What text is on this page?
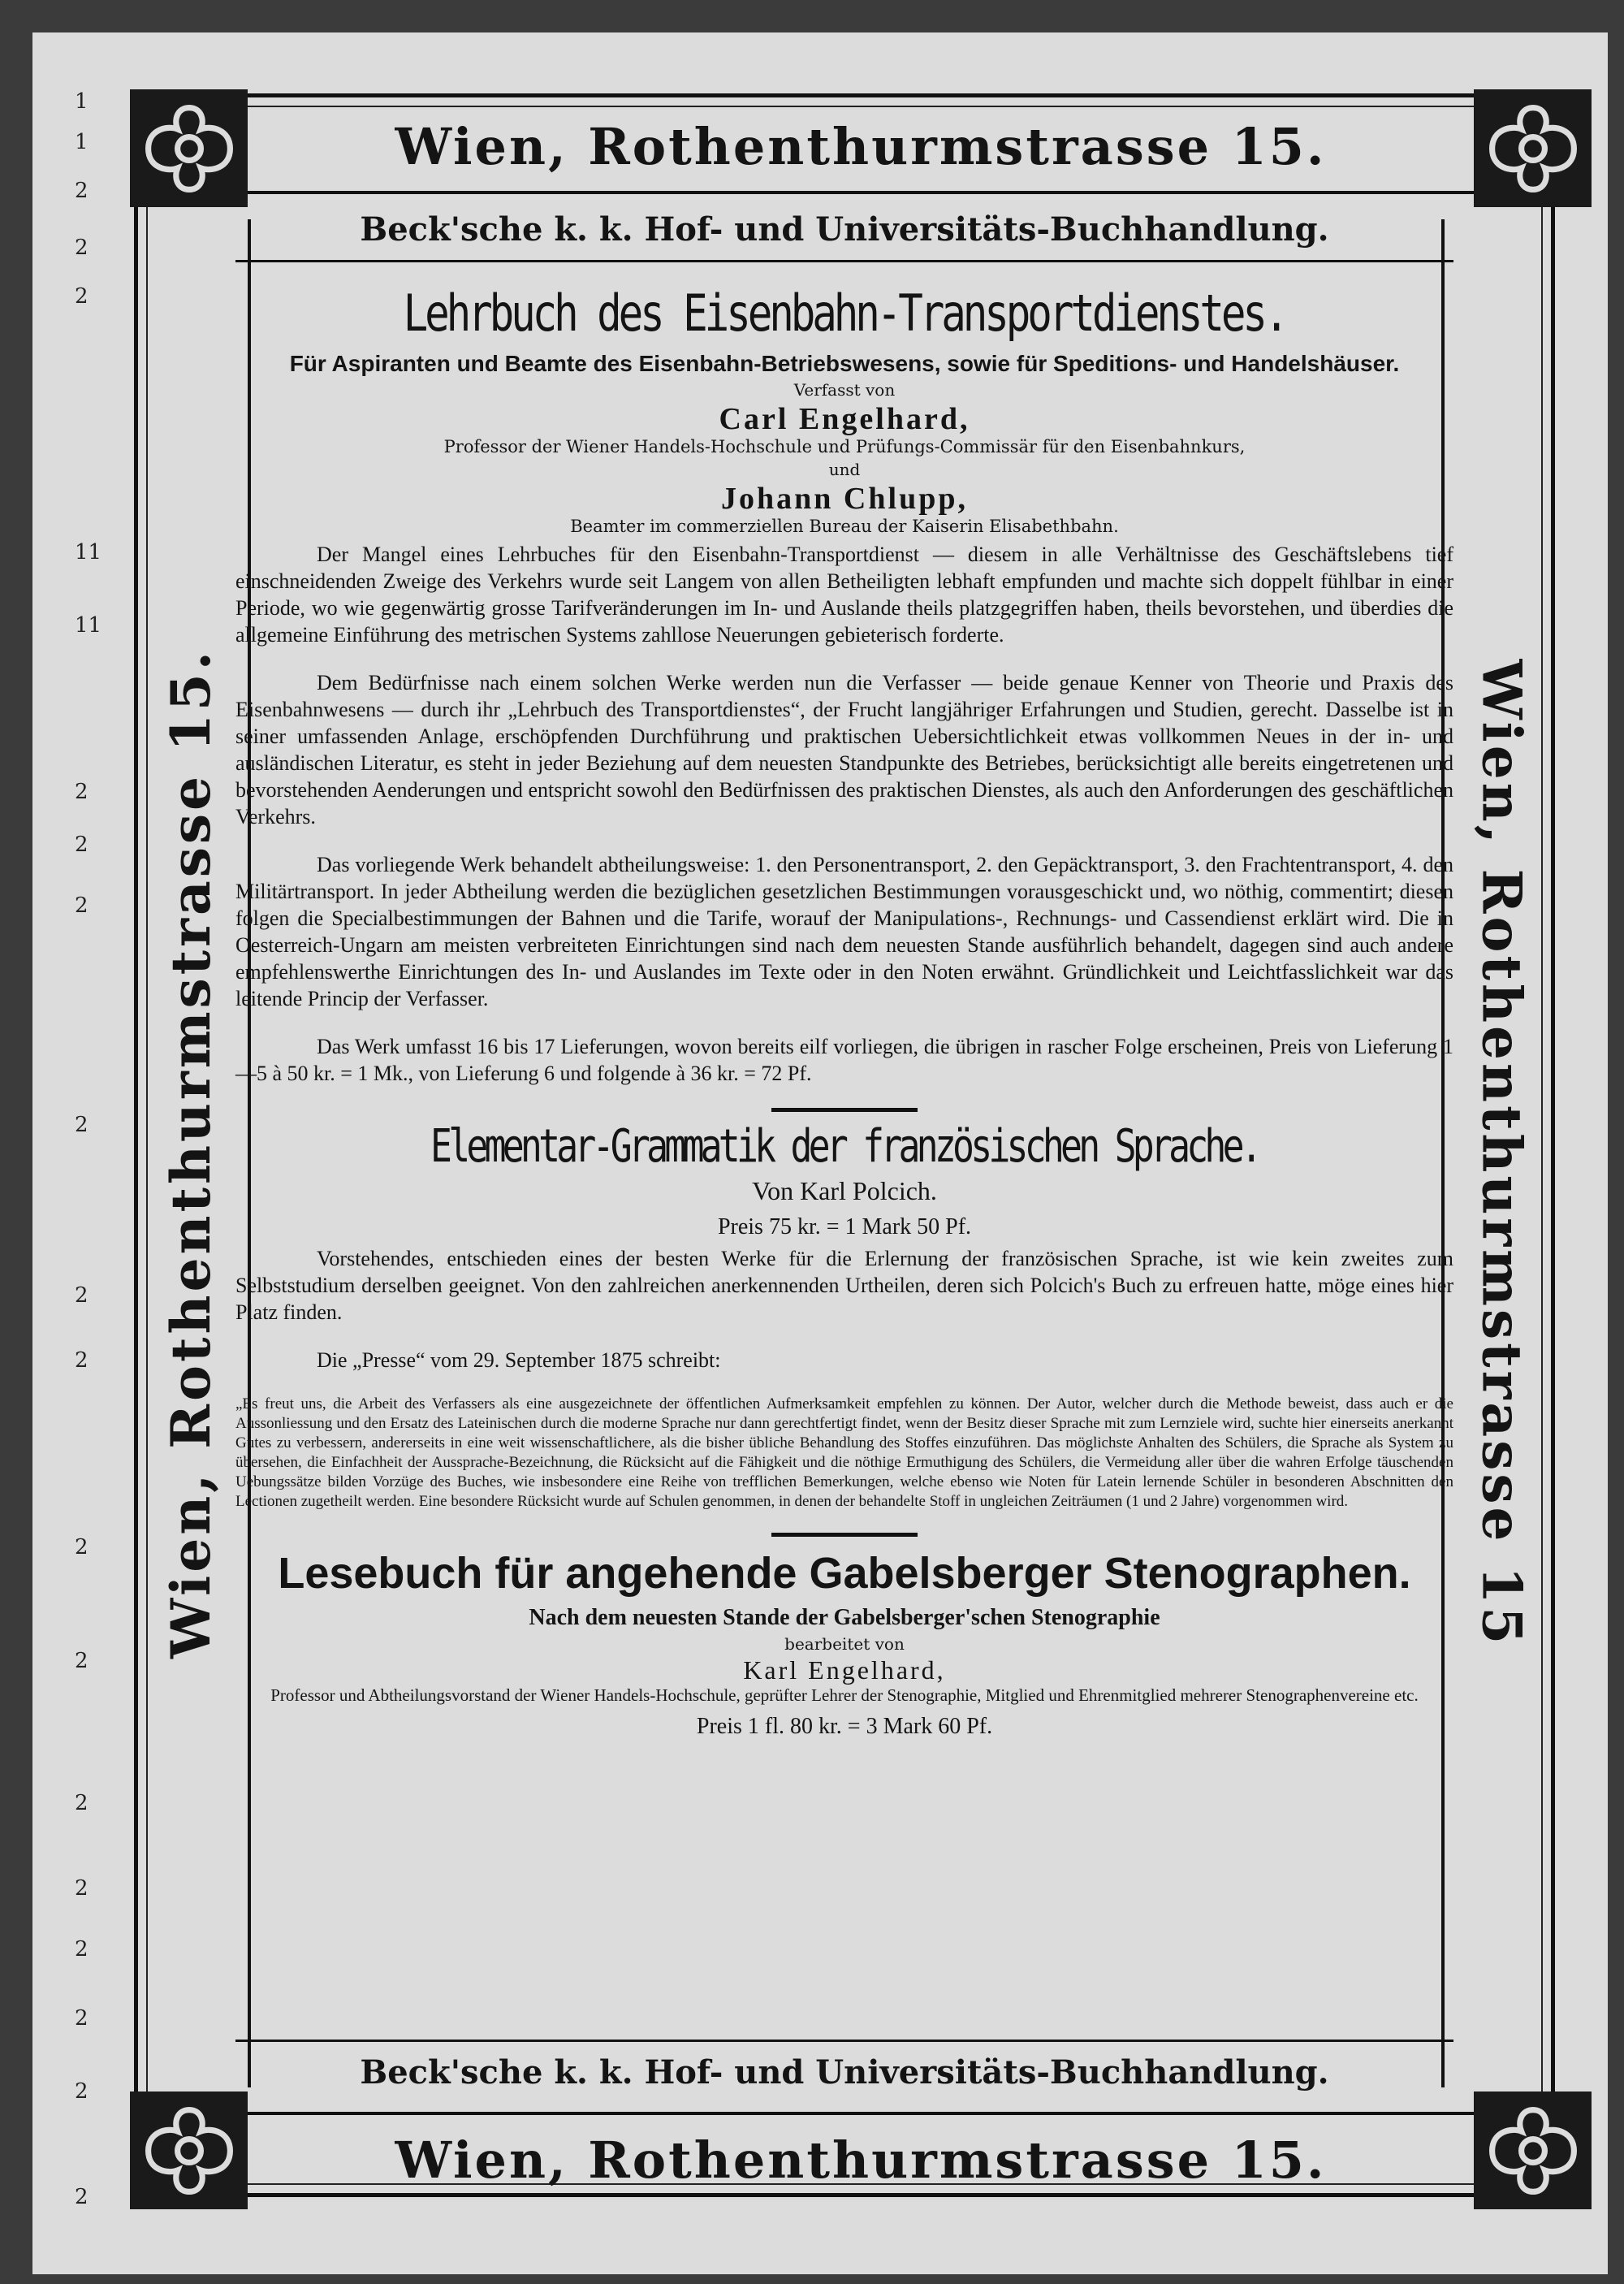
1
1
2
2
2
11
11
2
2
2
2
2
2
2
2
2
2
2
2
2
2
Wien, Rothenthurmstrasse 15.
Wien, Rothenthurmstrasse 15.
Wien, Rothenthurmstrasse 15.	Wien, Rothenthurmstrasse 15
Beck'sche k. k. Hof- und Universitäts-Buchhandlung.
Lehrbuch des Eisenbahn-Transportdienstes.
Für Aspiranten und Beamte des Eisenbahn-Betriebswesens, sowie für Speditions- und Handelshäuser.
Verfasst von
Carl Engelhard,
Professor der Wiener Handels-Hochschule und Prüfungs-Commissär für den Eisenbahnkurs,
und
Johann Chlupp,
Beamter im commerziellen Bureau der Kaiserin Elisabethbahn.

Der Mangel eines Lehrbuches für den Eisenbahn-Transportdienst — diesem in alle Verhältnisse des Geschäftslebens tief einschneidenden Zweige des Verkehrs wurde seit Langem von allen Betheiligten lebhaft empfunden und machte sich doppelt fühlbar in einer Periode, wo wie gegenwärtig grosse Tarifveränderungen im In- und Auslande theils platzgegriffen haben, theils bevorstehen, und überdies die allgemeine Einführung des metrischen Systems zahllose Neuerungen gebieterisch forderte.

Dem Bedürfnisse nach einem solchen Werke werden nun die Verfasser — beide genaue Kenner von Theorie und Praxis des Eisenbahnwesens — durch ihr „Lehrbuch des Transportdienstes“, der Frucht langjähriger Erfahrungen und Studien, gerecht. Dasselbe ist in seiner umfassenden Anlage, erschöpfenden Durchführung und praktischen Uebersichtlichkeit etwas vollkommen Neues in der in- und ausländischen Literatur, es steht in jeder Beziehung auf dem neuesten Standpunkte des Betriebes, berücksichtigt alle bereits eingetretenen und bevorstehenden Aenderungen und entspricht sowohl den Bedürfnissen des praktischen Dienstes, als auch den Anforderungen des geschäftlichen Verkehrs.

Das vorliegende Werk behandelt abtheilungsweise: 1. den Personentransport, 2. den Gepäcktransport, 3. den Frachtentransport, 4. den Militärtransport. In jeder Abtheilung werden die bezüglichen gesetzlichen Bestimmungen vorausgeschickt und, wo nöthig, commentirt; diesen folgen die Specialbestimmungen der Bahnen und die Tarife, worauf der Manipulations-, Rechnungs- und Cassendienst erklärt wird. Die in Oesterreich-Ungarn am meisten verbreiteten Einrichtungen sind nach dem neuesten Stande ausführlich behandelt, dagegen sind auch andere empfehlenswerthe Einrichtungen des In- und Auslandes im Texte oder in den Noten erwähnt. Gründlichkeit und Leichtfasslichkeit war das leitende Princip der Verfasser.

Das Werk umfasst 16 bis 17 Lieferungen, wovon bereits eilf vorliegen, die übrigen in rascher Folge erscheinen, Preis von Lieferung 1—5 à 50 kr. = 1 Mk., von Lieferung 6 und folgende à 36 kr. = 72 Pf.

Elementar-Grammatik der französischen Sprache.
Von Karl Polcich.
Preis 75 kr. = 1 Mark 50 Pf.

Vorstehendes, entschieden eines der besten Werke für die Erlernung der französischen Sprache, ist wie kein zweites zum Selbststudium derselben geeignet. Von den zahlreichen anerkennenden Urtheilen, deren sich Polcich's Buch zu erfreuen hatte, möge eines hier Platz finden.

Die „Presse“ vom 29. September 1875 schreibt:

„Es freut uns, die Arbeit des Verfassers als eine ausgezeichnete der öffentlichen Aufmerksamkeit empfehlen zu können. Der Autor, welcher durch die Methode beweist, dass auch er die Aussonliessung und den Ersatz des Lateinischen durch die moderne Sprache nur dann gerechtfertigt findet, wenn der Besitz dieser Sprache mit zum Lernziele wird, suchte hier einerseits anerkannt Gutes zu verbessern, andererseits in eine weit wissenschaftlichere, als die bisher übliche Behandlung des Stoffes einzuführen. Das möglichste Anhalten des Schülers, die Sprache als System zu übersehen, die Einfachheit der Aussprache-Bezeichnung, die Rücksicht auf die Fähigkeit und die nöthige Ermuthigung des Schülers, die Vermeidung aller über die wahren Erfolge täuschenden Uebungssätze bilden Vorzüge des Buches, wie insbesondere eine Reihe von trefflichen Bemerkungen, welche ebenso wie Noten für Latein lernende Schüler in besonderen Abschnitten den Lectionen zugetheilt werden. Eine besondere Rücksicht wurde auf Schulen genommen, in denen der behandelte Stoff in ungleichen Zeiträumen (1 und 2 Jahre) vorgenommen wird.

Lesebuch für angehende Gabelsberger Stenographen.
Nach dem neuesten Stande der Gabelsberger'schen Stenographie
bearbeitet von
Karl Engelhard,
Professor und Abtheilungsvorstand der Wiener Handels-Hochschule, geprüfter Lehrer der Stenographie, Mitglied und Ehrenmitglied mehrerer Stenographenvereine etc.
Preis 1 fl. 80 kr. = 3 Mark 60 Pf.
Beck'sche k. k. Hof- und Universitäts-Buchhandlung.
